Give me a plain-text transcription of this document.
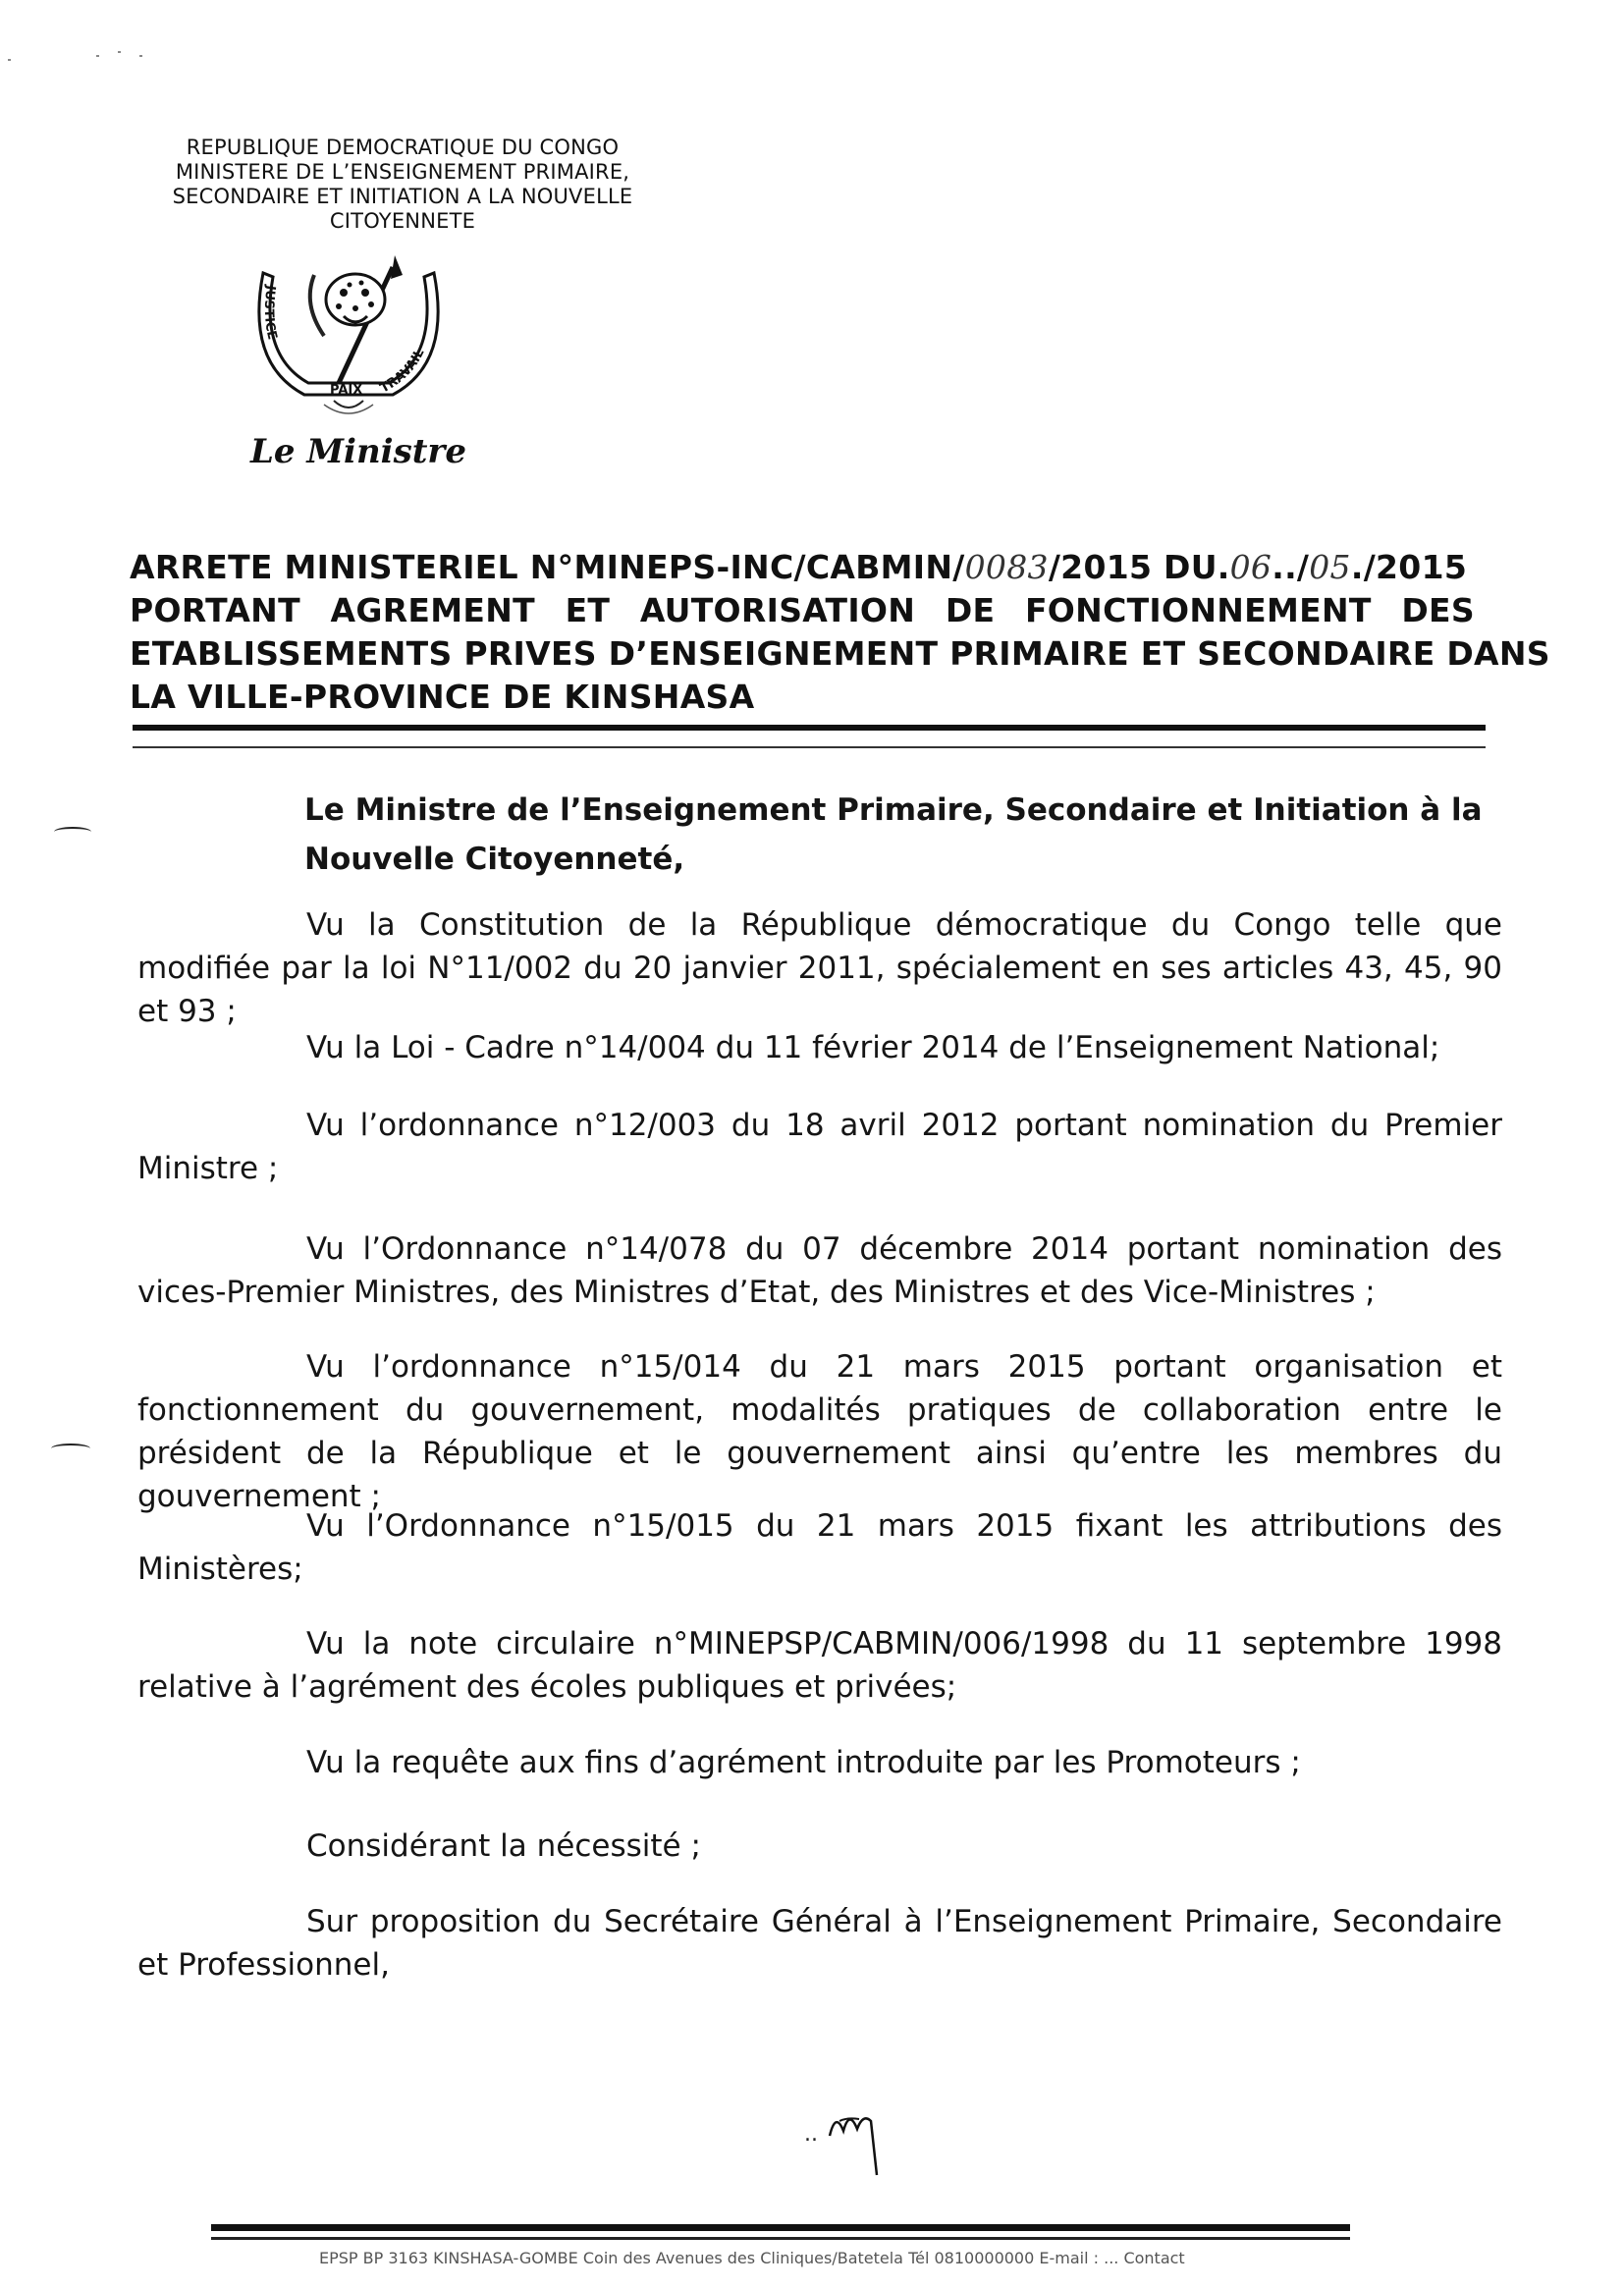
REPUBLIQUE DEMOCRATIQUE DU CONGO
MINISTERE DE L’ENSEIGNEMENT PRIMAIRE,
SECONDAIRE ET INITIATION A LA NOUVELLE
CITOYENNETE
JUSTICE
TRAVAIL
PAIX
Le Ministre
ARRETE MINISTERIEL N°MINEPS-INC/CABMIN/ 0083 /2015 DU. 06 ../ 05 ./2015
PORTANT AGREMENT ET AUTORISATION DE FONCTIONNEMENT DES
ETABLISSEMENTS PRIVES D’ENSEIGNEMENT PRIMAIRE ET SECONDAIRE DANS
LA VILLE-PROVINCE DE KINSHASA
Le Ministre de l’Enseignement Primaire, Secondaire et Initiation à la Nouvelle Citoyenneté,

Vu la Constitution de la République démocratique du Congo telle que modifiée par la loi N°11/002 du 20 janvier 2011, spécialement en ses articles 43, 45, 90 et 93 ;

Vu la Loi - Cadre n°14/004 du 11 février 2014 de l’Enseignement National;

Vu l’ordonnance n°12/003 du 18 avril 2012 portant nomination du Premier Ministre ;

Vu l’Ordonnance n°14/078 du 07 décembre 2014 portant nomination des vices-Premier Ministres, des Ministres d’Etat, des Ministres et des Vice-Ministres ;

Vu l’ordonnance n°15/014 du 21 mars 2015 portant organisation et fonctionnement du gouvernement, modalités pratiques de collaboration entre le président de la République et le gouvernement ainsi qu’entre les membres du gouvernement ;

Vu l’Ordonnance n°15/015 du 21 mars 2015 fixant les attributions des Ministères;

Vu la note circulaire n°MINEPSP/CABMIN/006/1998 du 11 septembre 1998 relative à l’agrément des écoles publiques et privées;

Vu la requête aux fins d’agrément introduite par les Promoteurs ;

Considérant la nécessité ;

Sur proposition du Secrétaire Général à l’Enseignement Primaire, Secondaire et Professionnel,

..
EPSP BP 3163 KINSHASA-GOMBE Coin des Avenues des Cliniques/Batetela Tél 0810000000 E-mail : ... Contact
